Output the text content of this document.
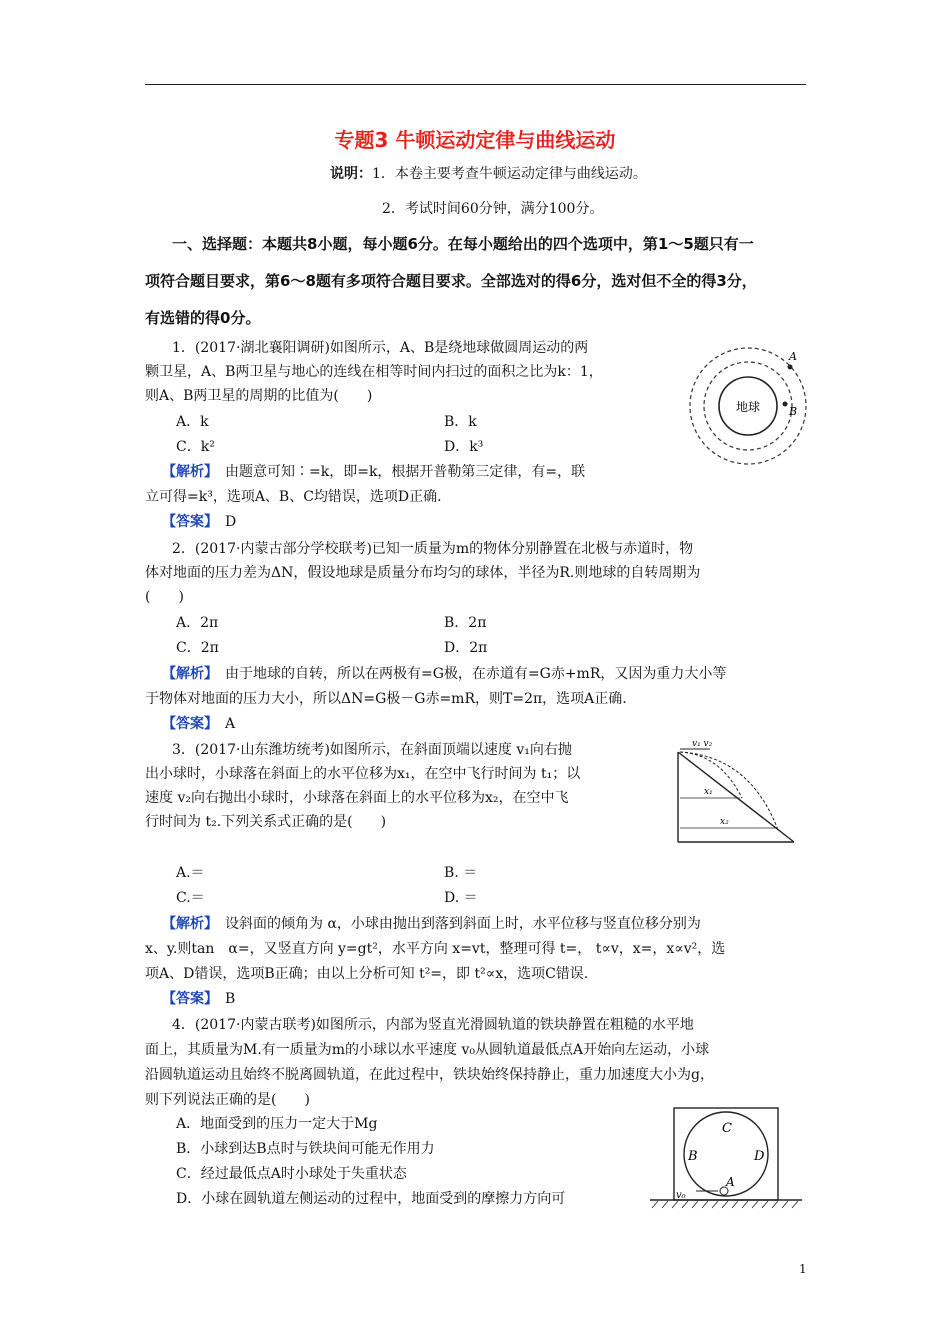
专题3 牛顿运动定律与曲线运动
说明：1．本卷主要考查牛顿运动定律与曲线运动。
2．考试时间60分钟，满分100分。
一、选择题：本题共8小题，每小题6分。在每小题给出的四个选项中，第1～5题只有一
项符合题目要求，第6～8题有多项符合题目要求。全部选对的得6分，选对但不全的得3分，
有选错的得0分。
1．(2017·湖北襄阳调研)如图所示，A、B是绕地球做圆周运动的两
颗卫星，A、B两卫星与地心的连线在相等时间内扫过的面积之比为k：1，
则A、B两卫星的周期的比值为(　　)
A．k	B．k
C．k²	D．k³
【解析】　 由题意可知∶=k，即=k，根据开普勒第三定律，有=，联
立可得=k³，选项A、B、C均错误，选项D正确.
【答案】　 D
地球
A
B
2．(2017·内蒙古部分学校联考)已知一质量为m的物体分别静置在北极与赤道时，物
体对地面的压力差为ΔN，假设地球是质量分布均匀的球体，半径为R.则地球的自转周期为
(　　)
A．2π	B．2π
C．2π	D．2π
【解析】　 由于地球的自转，所以在两极有=G极，在赤道有=G赤+mR，又因为重力大小等
于物体对地面的压力大小，所以ΔN=G极－G赤=mR，则T=2π，选项A正确.
【答案】　 A
3．(2017·山东潍坊统考)如图所示，在斜面顶端以速度 v₁向右抛
出小球时，小球落在斜面上的水平位移为x₁，在空中飞行时间为 t₁；以
速度 v₂向右抛出小球时，小球落在斜面上的水平位移为x₂，在空中飞
行时间为 t₂.下列关系式正确的是(　　)
A.＝	B. ＝
C.＝	D. ＝
【解析】　 设斜面的倾角为 α，小球由抛出到落到斜面上时，水平位移与竖直位移分别为
x、y.则tan　α=，又竖直方向 y=gt²，水平方向 x=vt，整理可得 t=， t∝v，x=，x∝v²，选
项A、D错误，选项B正确；由以上分析可知 t²=，即 t²∝x，选项C错误.
【答案】　 B
v₁ v₂
x₁
x₂
4．(2017·内蒙古联考)如图所示，内部为竖直光滑圆轨道的铁块静置在粗糙的水平地
面上，其质量为M.有一质量为m的小球以水平速度 v₀从圆轨道最低点A开始向左运动，小球
沿圆轨道运动且始终不脱离圆轨道，在此过程中，铁块始终保持静止，重力加速度大小为g，
则下列说法正确的是(　　)
A．地面受到的压力一定大于Mg
B．小球到达B点时与铁块间可能无作用力
C．经过最低点A时小球处于失重状态
D．小球在圆轨道左侧运动的过程中，地面受到的摩擦力方向可	v₀
C
B	D
A
1
